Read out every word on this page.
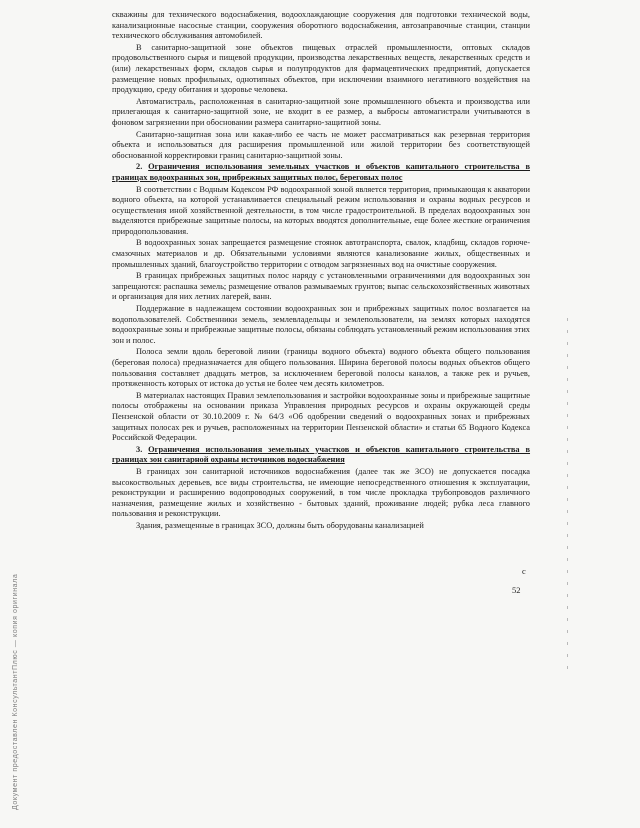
Документ предоставлен КонсультантПлюс — копия оригинала

скважины для технического водоснабжения, водоохлаждающие сооружения для подготовки технической воды, канализационные насосные станции, сооружения оборотного водоснабжения, автозаправочные станции, станции технического обслуживания автомобилей.

В санитарно-защитной зоне объектов пищевых отраслей промышленности, оптовых складов продовольственного сырья и пищевой продукции, производства лекарственных веществ, лекарственных средств и (или) лекарственных форм, складов сырья и полупродуктов для фармацевтических предприятий, допускается размещение новых профильных, однотипных объектов, при исключении взаимного негативного воздействия на продукцию, среду обитания и здоровье человека.

Автомагистраль, расположенная в санитарно-защитной зоне промышленного объекта и производства или прилегающая к санитарно-защитной зоне, не входит в ее размер, а выбросы автомагистрали учитываются в фоновом загрязнении при обосновании размера санитарно-защитной зоны.

Санитарно-защитная зона или какая-либо ее часть не может рассматриваться как резервная территория объекта и использоваться для расширения промышленной или жилой территории без соответствующей обоснованной корректировки границ санитарно-защитной зоны.

2. Ограничения использования земельных участков и объектов капитального строительства в границах водоохранных зон, прибрежных защитных полос, береговых полос

В соответствии с Водным Кодексом РФ водоохранной зоной является территория, примыкающая к акватории водного объекта, на которой устанавливается специальный режим использования и охраны водных ресурсов и осуществления иной хозяйственной деятельности, в том числе градостроительной. В пределах водоохранных зон выделяются прибрежные защитные полосы, на которых вводятся дополнительные, еще более жесткие ограничения природопользования.

В водоохранных зонах запрещается размещение стоянок автотранспорта, свалок, кладбищ, складов горюче-смазочных материалов и др. Обязательными условиями являются канализование жилых, общественных и промышленных зданий, благоустройство территории с отводом загрязненных вод на очистные сооружения.

В границах прибрежных защитных полос наряду с установленными ограничениями для водоохранных зон запрещаются: распашка земель; размещение отвалов размываемых грунтов; выпас сельскохозяйственных животных и организация для них летних лагерей, ванн.

Поддержание в надлежащем состоянии водоохранных зон и прибрежных защитных полос возлагается на водопользователей. Собственники земель, землевладельцы и землепользователи, на землях которых находятся водоохранные зоны и прибрежные защитные полосы, обязаны соблюдать установленный режим использования этих зон и полос.

Полоса земли вдоль береговой линии (границы водного объекта) водного объекта общего пользования (береговая полоса) предназначается для общего пользования. Ширина береговой полосы водных объектов общего пользования составляет двадцать метров, за исключением береговой полосы каналов, а также рек и ручьев, протяженность которых от истока до устья не более чем десять километров.

В материалах настоящих Правил землепользования и застройки водоохранные зоны и прибрежные защитные полосы отображены на основании приказа Управления природных ресурсов и охраны окружающей среды Пензенской области от 30.10.2009 г. № 64/3 «Об одобрении сведений о водоохранных зонах и прибрежных защитных полосах рек и ручьев, расположенных на территории Пензенской области» и статьи 65 Водного Кодекса Российской Федерации.

3. Ограничения использования земельных участков и объектов капитального строительства в границах зон санитарной охраны источников водоснабжения

В границах зон санитарной источников водоснабжения (далее так же ЗСО) не допускается посадка высокоствольных деревьев, все виды строительства, не имеющие непосредственного отношения к эксплуатации, реконструкции и расширению водопроводных сооружений, в том числе прокладка трубопроводов различного назначения, размещение жилых и хозяйственно - бытовых зданий, проживание людей; рубка леса главного пользования и реконструкции.

Здания, размещенные в границах ЗСО, должны быть оборудованы канализацией

с
52
